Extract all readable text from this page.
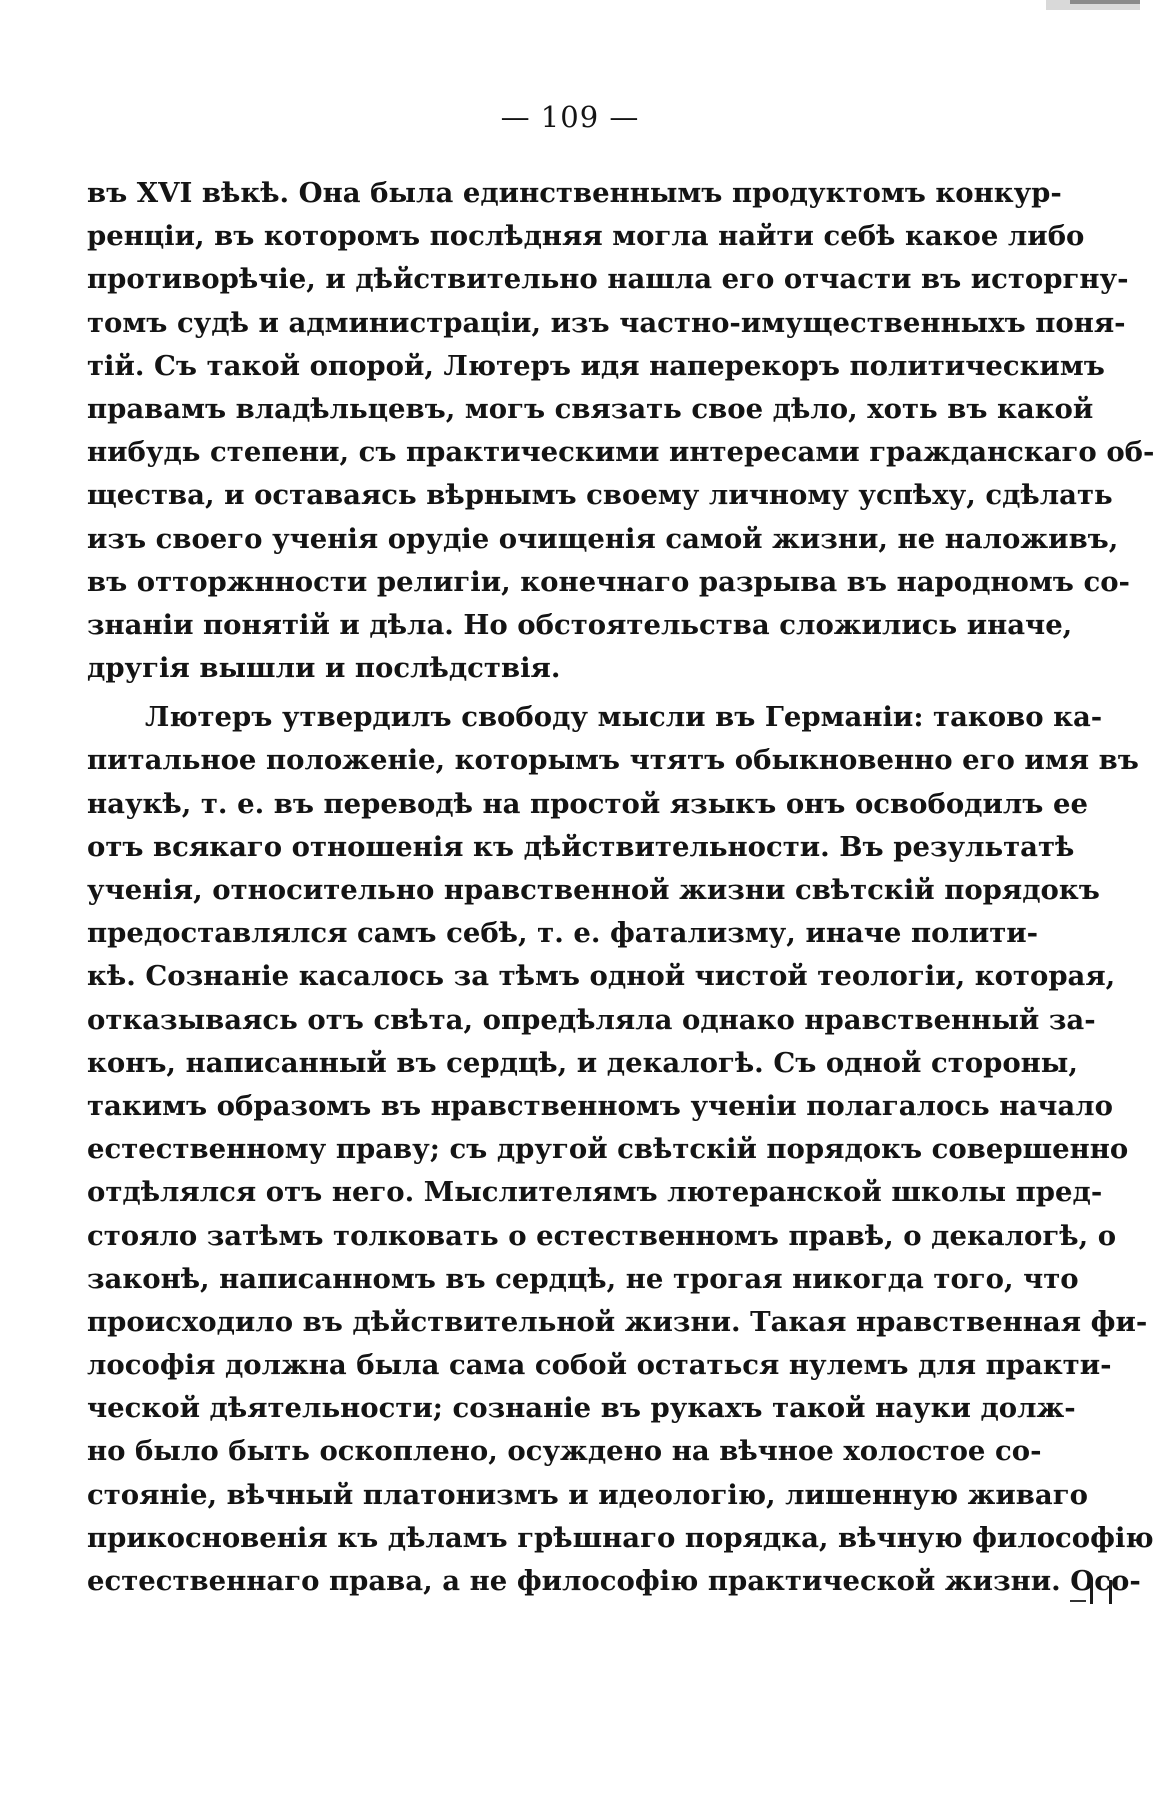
— 109 —
въ XVI вѣкѣ. Она была единственнымъ продуктомъ конкур-
ренціи, въ которомъ послѣдняя могла найти себѣ какое либо
противорѣчіе, и дѣйствительно нашла его отчасти въ исторгну-
томъ судѣ и администраціи, изъ частно-имущественныхъ поня-
тій. Съ такой опорой, Лютеръ идя наперекоръ политическимъ
правамъ владѣльцевъ, могъ связать свое дѣло, хоть въ какой
нибудь степени, съ практическими интересами гражданскаго об-
щества, и оставаясь вѣрнымъ своему личному успѣху, сдѣлать
изъ своего ученія орудіе очищенія самой жизни, не наложивъ,
въ отторжнности религіи, конечнаго разрыва въ народномъ со-
знаніи понятій и дѣла. Но обстоятельства сложились иначе,
другія вышли и послѣдствія.
Лютеръ утвердилъ свободу мысли въ Германіи: таково ка-
питальное положеніе, которымъ чтятъ обыкновенно его имя въ
наукѣ, т. е. въ переводѣ на простой языкъ онъ освободилъ ее
отъ всякаго отношенія къ дѣйствительности. Въ результатѣ
ученія, относительно нравственной жизни свѣтскій порядокъ
предоставлялся самъ себѣ, т. е. фатализму, иначе полити-
кѣ. Сознаніе касалось за тѣмъ одной чистой теологіи, которая,
отказываясь отъ свѣта, опредѣляла однако нравственный за-
конъ, написанный въ сердцѣ, и декалогѣ. Съ одной стороны,
такимъ образомъ въ нравственномъ ученіи полагалось начало
естественному праву; съ другой свѣтскій порядокъ совершенно
отдѣлялся отъ него. Мыслителямъ лютеранской школы пред-
стояло затѣмъ толковать о естественномъ правѣ, о декалогѣ, о
законѣ, написанномъ въ сердцѣ, не трогая никогда того, что
происходило въ дѣйствительной жизни. Такая нравственная фи-
лософія должна была сама собой остаться нулемъ для практи-
ческой дѣятельности; сознаніе въ рукахъ такой науки долж-
но было быть оскоплено, осуждено на вѣчное холостое со-
стояніе, вѣчный платонизмъ и идеологію, лишенную живаго
прикосновенія къ дѣламъ грѣшнаго порядка, вѣчную философію
естественнаго права, а не философію практической жизни. Осо-
